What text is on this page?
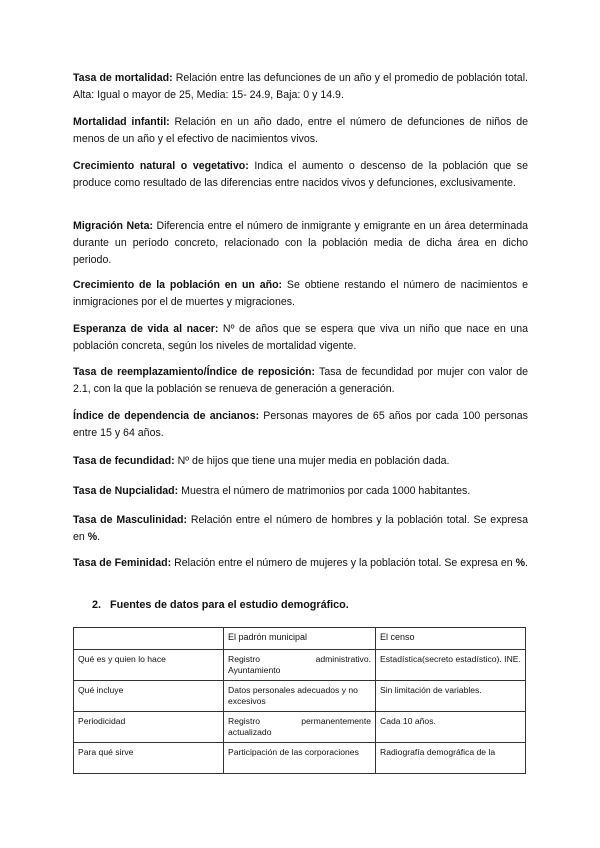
Tasa de mortalidad: Relación entre las defunciones de un año y el promedio de población total. Alta: Igual o mayor de 25, Media: 15- 24.9, Baja: 0 y 14.9.

Mortalidad infantil: Relación en un año dado, entre el número de defunciones de niños de menos de un año y el efectivo de nacimientos vivos.

Crecimiento natural o vegetativo: Indica el aumento o descenso de la población que se produce como resultado de las diferencias entre nacidos vivos y defunciones, exclusivamente.

Migración Neta: Diferencia entre el número de inmigrante y emigrante en un área determinada durante un período concreto, relacionado con la población media de dicha área en dicho periodo.

Crecimiento de la población en un año: Se obtiene restando el número de nacimientos e inmigraciones por el de muertes y migraciones.

Esperanza de vida al nacer: Nº de años que se espera que viva un niño que nace en una población concreta, según los niveles de mortalidad vigente.

Tasa de reemplazamiento/Índice de reposición: Tasa de fecundidad por mujer con valor de 2.1, con la que la población se renueva de generación a generación.

Índice de dependencia de ancianos: Personas mayores de 65 años por cada 100 personas entre 15 y 64 años.

Tasa de fecundidad: Nº de hijos que tiene una mujer media en población dada.

Tasa de Nupcialidad: Muestra el número de matrimonios por cada 1000 habitantes.

Tasa de Masculinidad: Relación entre el número de hombres y la población total. Se expresa en %.

Tasa de Feminidad: Relación entre el número de mujeres y la población total. Se expresa en %.

2. Fuentes de datos para el estudio demográfico.
	El padrón municipal	El censo
Qué es y quien lo hace	Registro administrativo. Ayuntamiento	Estadística(secreto estadístico). INE.
Qué incluye	Datos personales adecuados y no excesivos	Sin limitación de variables.
Periodicidad	Registro permanentemente actualizado	Cada 10 años.
Para qué sirve	Participación de las corporaciones	Radiografía demográfica de la
